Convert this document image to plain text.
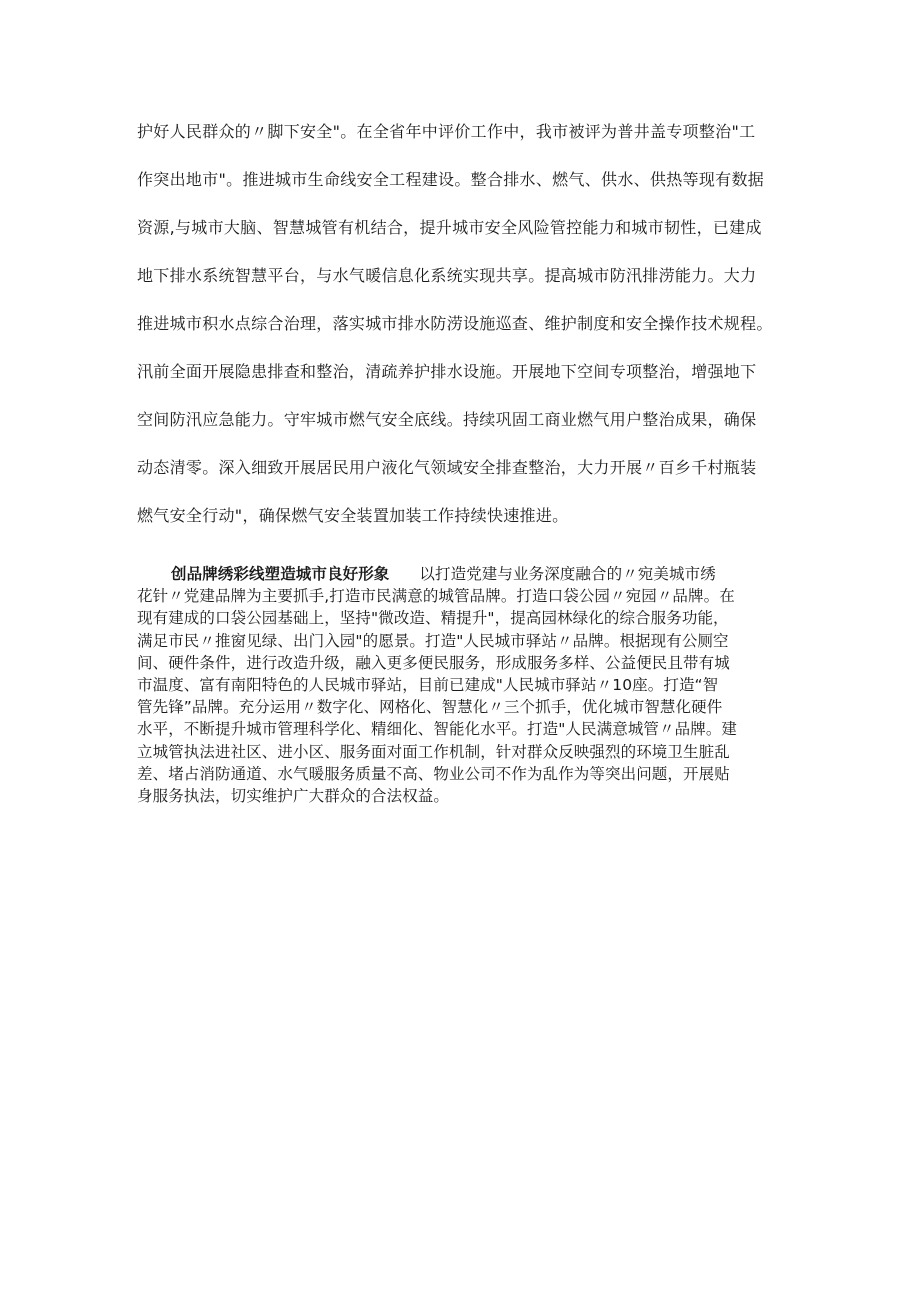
护好人民群众的〃脚下安全"。在全省年中评价工作中，我市被评为普井盖专项整治"工
作突出地市"。推进城市生命线安全工程建设。整合排水、燃气、供水、供热等现有数据
资源,与城市大脑、智慧城管有机结合，提升城市安全风险管控能力和城市韧性，已建成
地下排水系统智慧平台，与水气暖信息化系统实现共享。提高城市防汛排涝能力。大力
推进城市积水点综合治理，落实城市排水防涝设施巡查、维护制度和安全操作技术规程。
汛前全面开展隐患排查和整治，清疏养护排水设施。开展地下空间专项整治，增强地下
空间防汛应急能力。守牢城市燃气安全底线。持续巩固工商业燃气用户整治成果，确保
动态清零。深入细致开展居民用户液化气领域安全排查整治，大力开展〃百乡千村瓶装
燃气安全行动"，确保燃气安全装置加装工作持续快速推进。
创品牌绣彩线塑造城市良好形象 以打造党建与业务深度融合的〃宛美城市绣
花针〃党建品牌为主要抓手,打造市民满意的城管品牌。打造口袋公园〃宛园〃品牌。在
现有建成的口袋公园基础上，坚持"微改造、精提升"，提高园林绿化的综合服务功能，
满足市民〃推窗见绿、出门入园"的愿景。打造"人民城市驿站〃品牌。根据现有公厕空
间、硬件条件，进行改造升级，融入更多便民服务，形成服务多样、公益便民且带有城
市温度、富有南阳特色的人民城市驿站，目前已建成"人民城市驿站〃10座。打造“智
管先锋”品牌。充分运用〃数字化、网格化、智慧化〃三个抓手，优化城市智慧化硬件
水平，不断提升城市管理科学化、精细化、智能化水平。打造"人民满意城管〃品牌。建
立城管执法进社区、进小区、服务面对面工作机制，针对群众反映强烈的环境卫生脏乱
差、堵占消防通道、水气暖服务质量不高、物业公司不作为乱作为等突出问题，开展贴
身服务执法，切实维护广大群众的合法权益。
